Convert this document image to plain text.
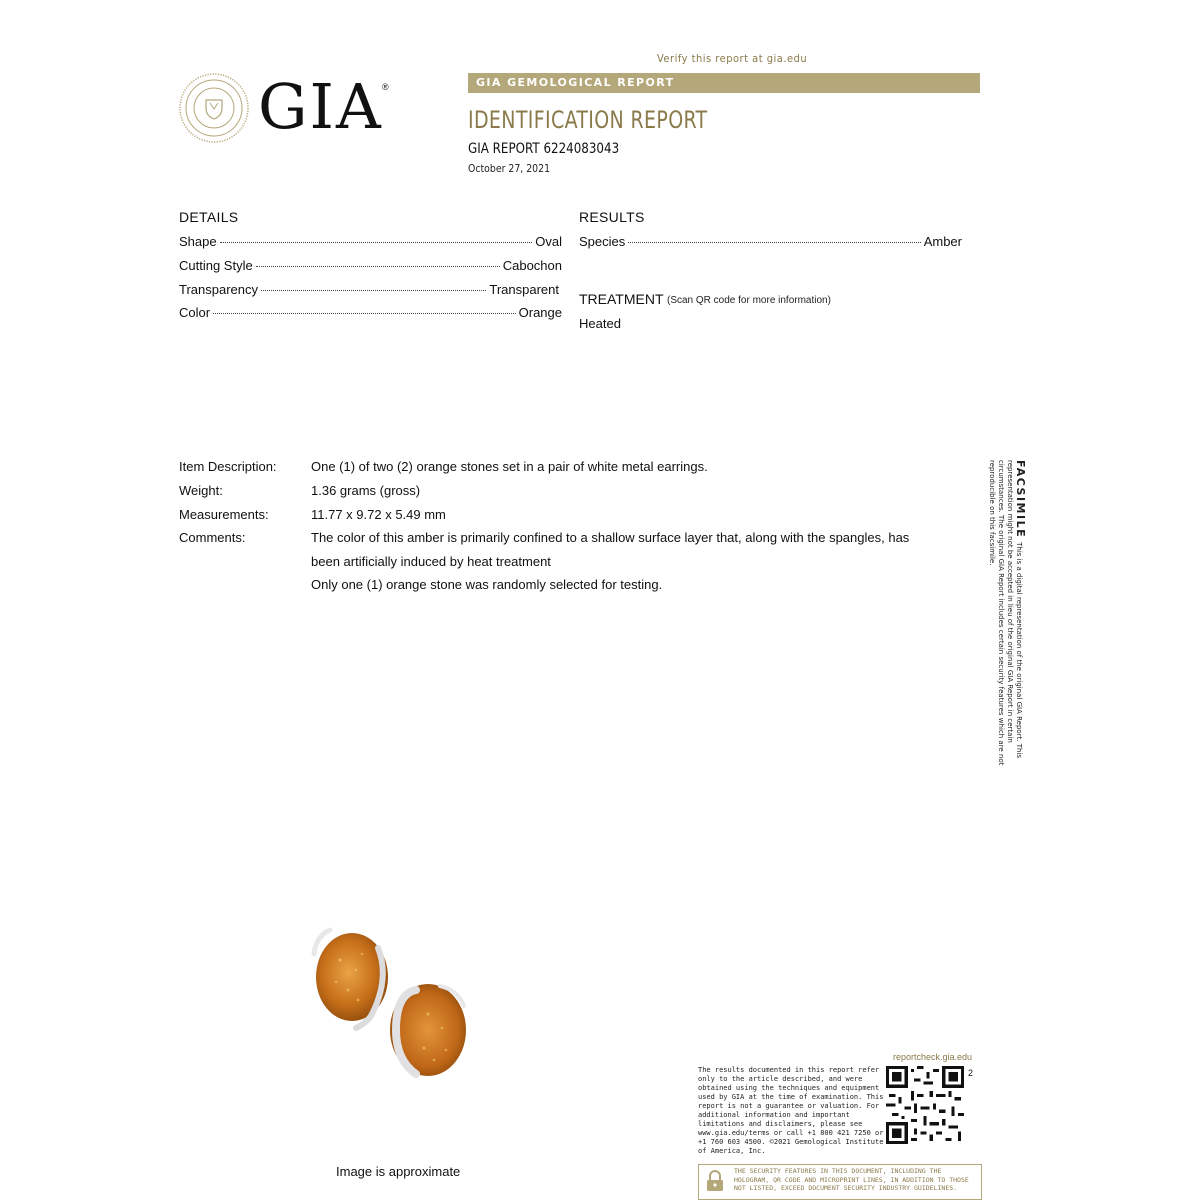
Verify this report at gia.edu
GIA ®	GIA GEMOLOGICAL REPORT
IDENTIFICATION REPORT
GIA REPORT 6224083043
October 27, 2021
DETAILS
Shape	Oval
Cutting Style	Cabochon
Transparency	Transparent
Color	Orange
RESULTS
Species	Amber
TREATMENT (Scan QR code for more information)
Heated
Item Description:	One (1) of two (2) orange stones set in a pair of white metal earrings.
Weight:	1.36 grams (gross)
Measurements:	11.77 x 9.72 x 5.49 mm
Comments:	The color of this amber is primarily confined to a shallow surface layer that, along with the spangles, has
been artificially induced by heat treatment
Only one (1) orange stone was randomly selected for testing.
FACSIMILEThis is a digital representation of the original GIA Report. This representation might not be accepted in lieu of the original GIA Report in certain circumstances. The original GIA Report includes certain security features which are not reproducible on this facsimile.
Image is approximate
reportcheck.gia.edu
The results documented in this report refer only to the article described, and were obtained using the techniques and equipment used by GIA at the time of examination. This report is not a guarantee or valuation. For additional information and important limitations and disclaimers, please see www.gia.edu/terms or call +1 800 421 7250 or +1 760 603 4500. ©2021 Gemological Institute of America, Inc.
2
THE SECURITY FEATURES IN THIS DOCUMENT, INCLUDING THE HOLOGRAM, QR CODE AND MICROPRINT LINES, IN ADDITION TO THOSE NOT LISTED, EXCEED DOCUMENT SECURITY INDUSTRY GUIDELINES.
